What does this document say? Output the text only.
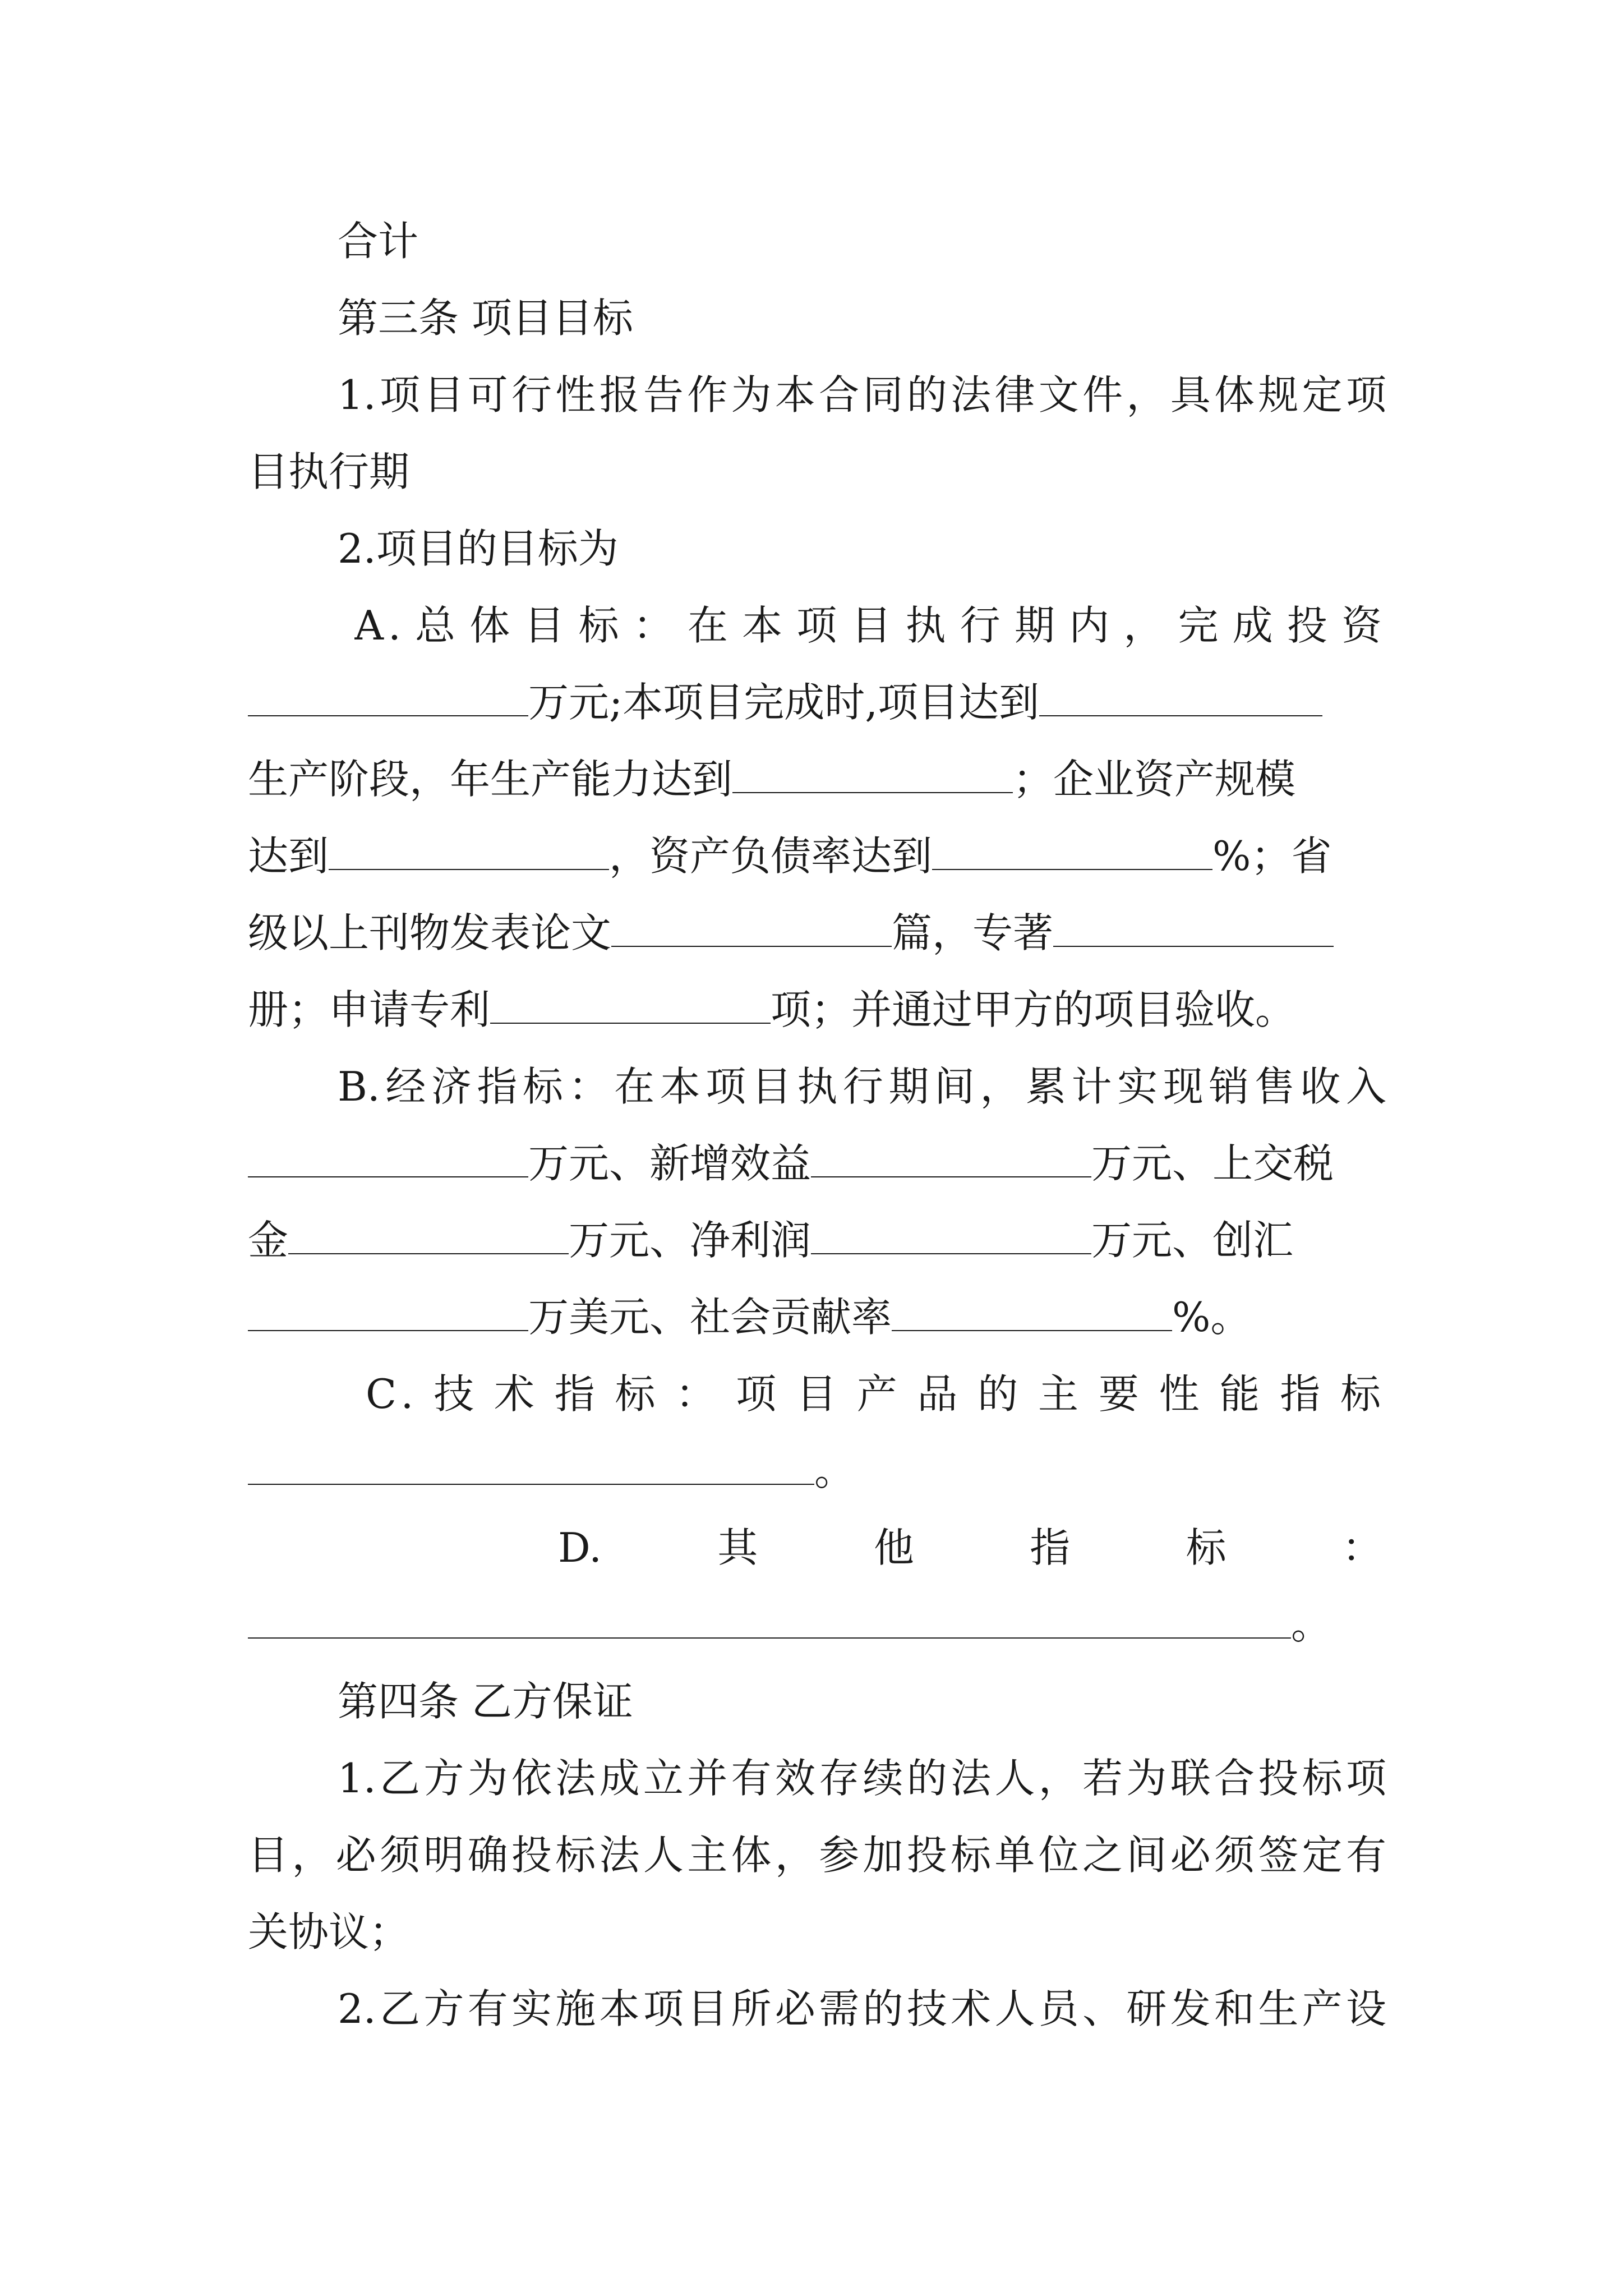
合计
第三条 项目目标
1.项目可行性报告作为本合同的法律文件，具体规定项
目执行期
2.项目的目标为
A.总体目标：在本项目执行期内，完成投资
万元;本项目完成时,项目达到
生产阶段，年生产能力达到	；企业资产规模
达到	，资产负债率达到	%；省
级以上刊物发表论文	篇，专著
册；申请专利	项；并通过甲方的项目验收。
B.经济指标：在本项目执行期间，累计实现销售收入
万元、新增效益	万元、上交税
金	万元、净利润	万元、创汇
万美元、社会贡献率	%。
C.技术指标：项目产品的主要性能指标
。
D.	其	他	指	标	：
。
第四条 乙方保证
1.乙方为依法成立并有效存续的法人，若为联合投标项
目，必须明确投标法人主体，参加投标单位之间必须签定有
关协议；
2.乙方有实施本项目所必需的技术人员、研发和生产设
